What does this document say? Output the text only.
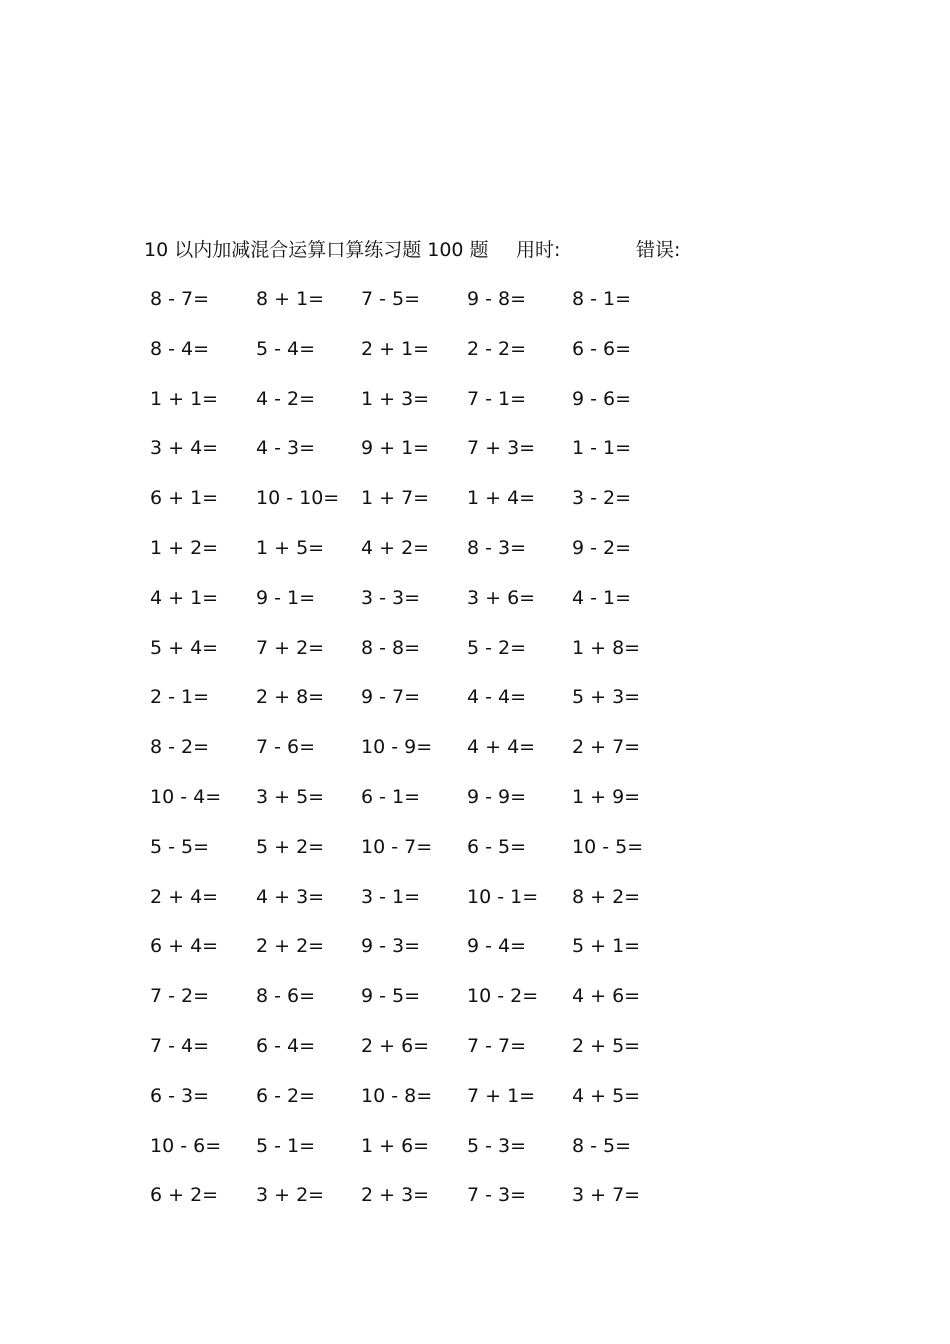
10 以内加减混合运算口算练习题 100 题 用时:	错误:
8 - 7= 8 + 1= 7 - 5= 9 - 8= 8 - 1=
8 - 4= 5 - 4= 2 + 1= 2 - 2= 6 - 6=
1 + 1= 4 - 2= 1 + 3= 7 - 1= 9 - 6=
3 + 4= 4 - 3= 9 + 1= 7 + 3= 1 - 1=
6 + 1= 10 - 10= 1 + 7= 1 + 4= 3 - 2=
1 + 2= 1 + 5= 4 + 2= 8 - 3= 9 - 2=
4 + 1= 9 - 1= 3 - 3= 3 + 6= 4 - 1=
5 + 4= 7 + 2= 8 - 8= 5 - 2= 1 + 8=
2 - 1= 2 + 8= 9 - 7= 4 - 4= 5 + 3=
8 - 2= 7 - 6= 10 - 9= 4 + 4= 2 + 7=
10 - 4= 3 + 5= 6 - 1= 9 - 9= 1 + 9=
5 - 5= 5 + 2= 10 - 7= 6 - 5= 10 - 5=
2 + 4= 4 + 3= 3 - 1= 10 - 1= 8 + 2=
6 + 4= 2 + 2= 9 - 3= 9 - 4= 5 + 1=
7 - 2= 8 - 6= 9 - 5= 10 - 2= 4 + 6=
7 - 4= 6 - 4= 2 + 6= 7 - 7= 2 + 5=
6 - 3= 6 - 2= 10 - 8= 7 + 1= 4 + 5=
10 - 6= 5 - 1= 1 + 6= 5 - 3= 8 - 5=
6 + 2= 3 + 2= 2 + 3= 7 - 3= 3 + 7=
